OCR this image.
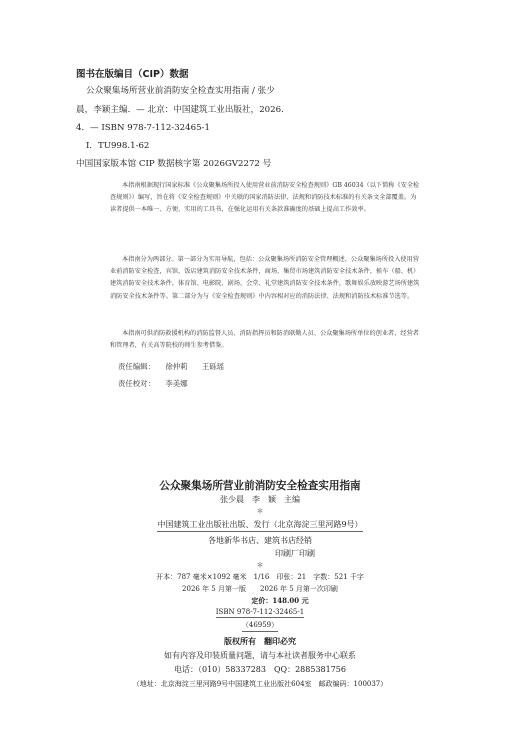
图书在版编目（CIP）数据
公众聚集场所营业前消防安全检查实用指南 / 张少
晨，李颖主编．— 北京：中国建筑工业出版社，2026．
4．— ISBN 978-7-112-32465-1
Ⅰ．TU998.1-62
中国国家版本馆 CIP 数据核字第 2026GV2272 号
本指南根据现行国家标准《公众聚集场所投入使用营业前消防安全检查规则》GB 46034（以下简称《安全检查规则》）编写，旨在将《安全检查规则》中关联的国家消防法律、法规和消防技术标准的有关条文全部覆盖。为读者提供一本唯一、方便、实用的工具书，在强化运用有关条款准确度的基础上提高工作效率。
本指南分为两部分。第一部分为实用导航，包括：公众聚集场所消防安全管理概述，公众聚集场所投入使用营业前消防安全检查，宾馆、饭店建筑消防安全技术条件，商场、集贸市场建筑消防安全技术条件，候车（船、机）建筑消防安全技术条件，体育馆、电影院、剧场、会堂、礼堂建筑消防安全技术条件，歌舞娱乐放映游艺场所建筑消防安全技术条件等。第二部分为与《安全检查规则》中内容相对应的消防法律、法规和消防技术标准节选等。
本指南可供消防救援机构的消防监督人员、消防指挥员和防消联勤人员、公众聚集场所单位的创业者、经营者和管理者，有关高等院校的师生参考借鉴。
责任编辑： 徐仲莉 王砾瑶
责任校对： 李美娜
公众聚集场所营业前消防安全检查实用指南
张少晨　李　颖　主编
＊
中国建筑工业出版社出版、发行（北京海淀三里河路9号）
各地新华书店、建筑书店经销
印刷厂印刷
＊
开本：787 毫米×1092 毫米　1/16　印张：21　字数：521 千字
2026 年 5 月第一版　　2026 年 5 月第一次印刷
定价：148.00 元
ISBN 978-7-112-32465-1
（46959）
版权所有　翻印必究
如有内容及印装质量问题，请与本社读者服务中心联系
电话：（010）58337283　QQ：2885381756
（地址：北京海淀三里河路9号中国建筑工业出版社604室　邮政编码：100037）
